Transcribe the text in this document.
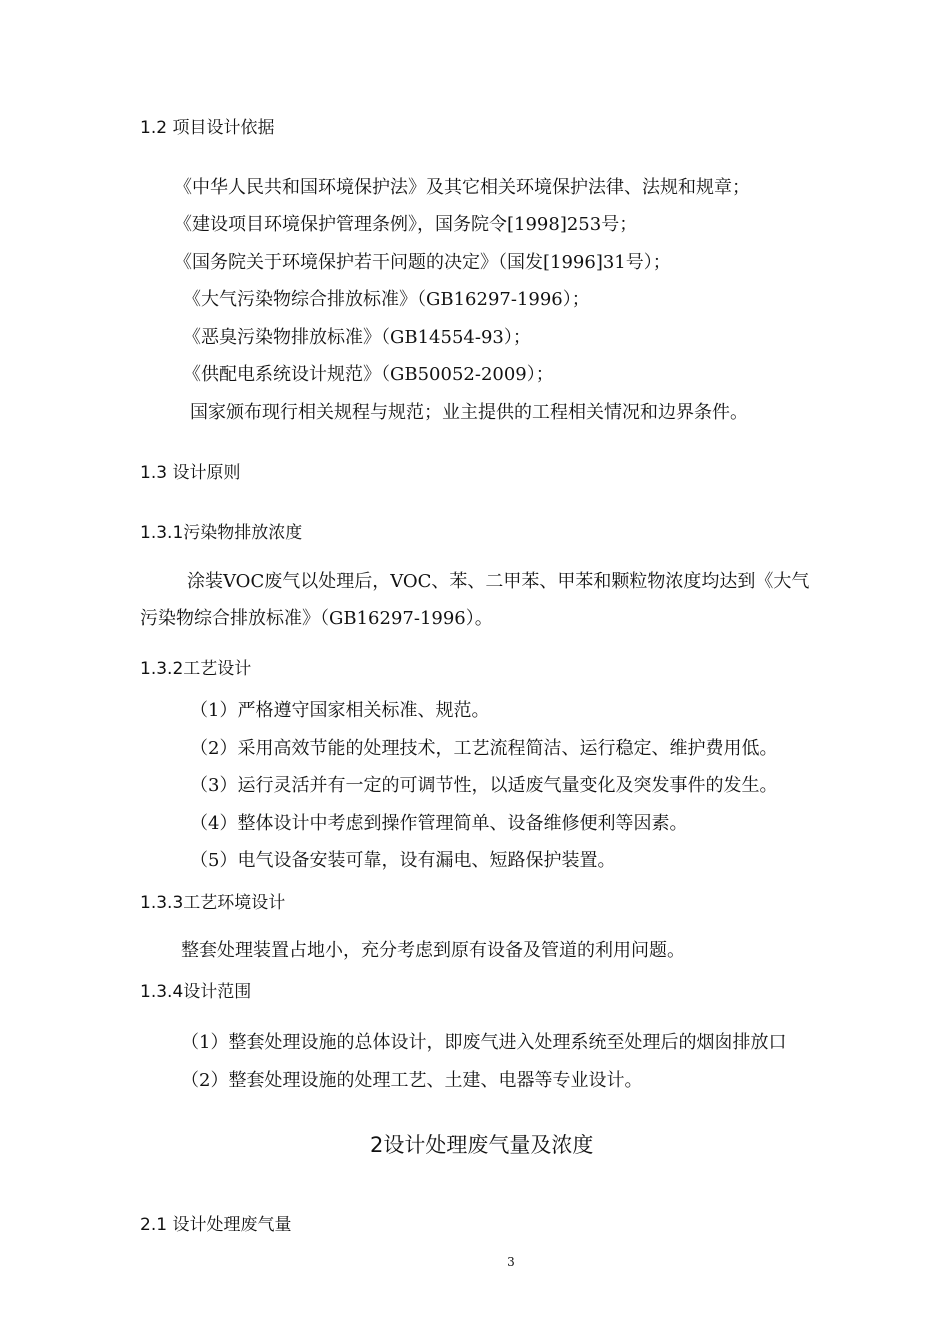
1.2 项目设计依据
《中华人民共和国环境保护法》及其它相关环境保护法律、法规和规章；
《建设项目环境保护管理条例》，国务院令[1998]253号；
《国务院关于环境保护若干问题的决定》（国发[1996]31号）；
《大气污染物综合排放标准》（GB16297-1996）；
《恶臭污染物排放标准》（GB14554-93）；
《供配电系统设计规范》（GB50052-2009）；
国家颁布现行相关规程与规范；业主提供的工程相关情况和边界条件。
1.3 设计原则
1.3.1污染物排放浓度
涂装VOC废气以处理后，VOC、苯、二甲苯、甲苯和颗粒物浓度均达到《大气
污染物综合排放标准》（GB16297-1996）。
1.3.2工艺设计
（1）严格遵守国家相关标准、规范。
（2）采用高效节能的处理技术，工艺流程简洁、运行稳定、维护费用低。
（3）运行灵活并有一定的可调节性，以适废气量变化及突发事件的发生。
（4）整体设计中考虑到操作管理简单、设备维修便利等因素。
（5）电气设备安装可靠，设有漏电、短路保护装置。
1.3.3工艺环境设计
整套处理装置占地小，充分考虑到原有设备及管道的利用问题。
1.3.4设计范围
（1）整套处理设施的总体设计，即废气进入处理系统至处理后的烟囱排放口
（2）整套处理设施的处理工艺、土建、电器等专业设计。
2设计处理废气量及浓度
2.1 设计处理废气量
3
